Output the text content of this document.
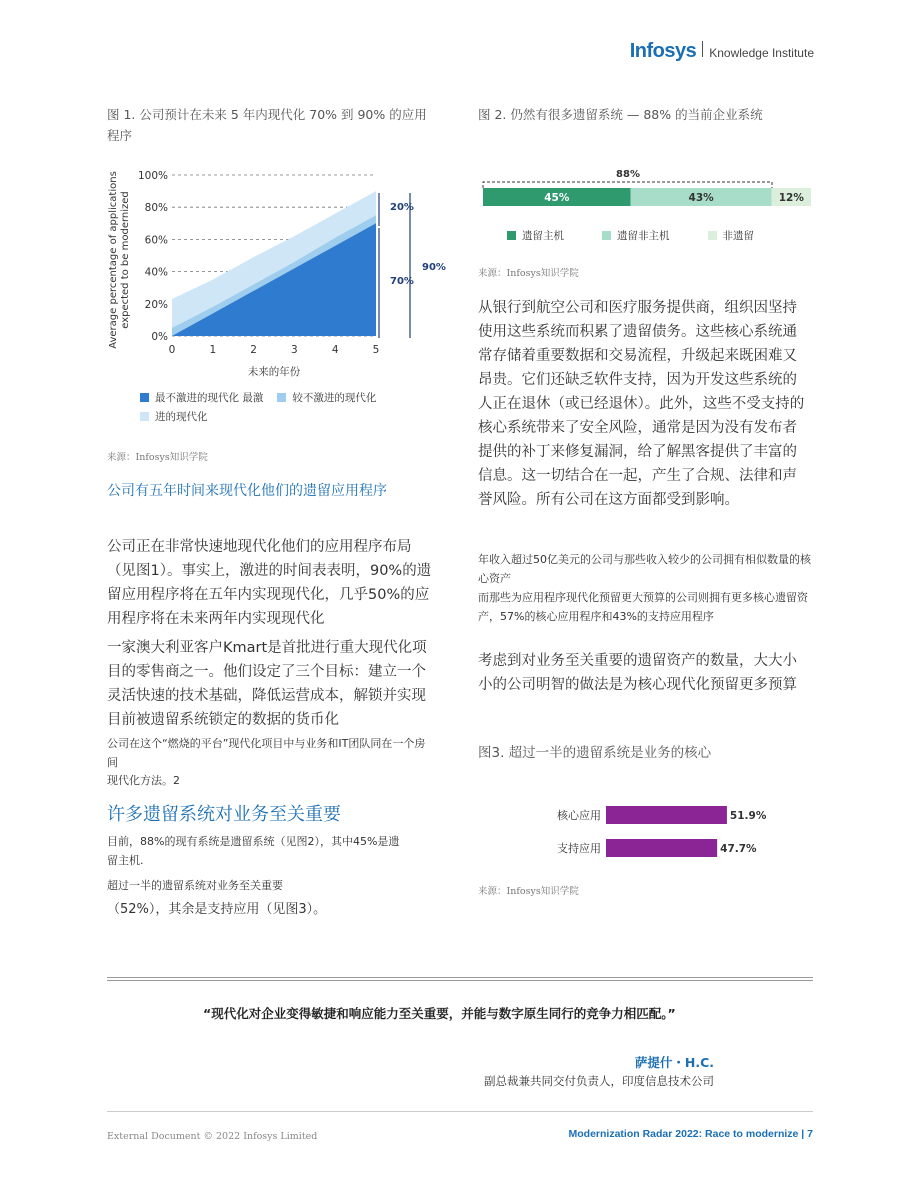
Infosys Knowledge Institute
图 1. 公司预计在未来 5 年内现代化 70% 到 90% 的应用程序
0%
20%
40%
60%
80%
100%
0	1	2	3	4	5
Average percentage of applications expected to be modernized
未来的年份
20%
70%
90%
最不激进的现代化 最激	较不激进的现代化
进的现代化
来源：Infosys知识学院
公司有五年时间来现代化他们的遗留应用程序
公司正在非常快速地现代化他们的应用程序布局（见图1）。事实上，激进的时间表表明，90%的遗留应用程序将在五年内实现现代化，几乎50%的应用程序将在未来两年内实现现代化
一家澳大利亚客户Kmart是首批进行重大现代化项目的零售商之一。他们设定了三个目标：建立一个灵活快速的技术基础，降低运营成本，解锁并实现目前被遗留系统锁定的数据的货币化
公司在这个“燃烧的平台”现代化项目中与业务和IT团队同在一个房间
现代化方法。2
许多遗留系统对业务至关重要
目前，88%的现有系统是遗留系统（见图2），其中45%是遗留主机.
超过一半的遗留系统对业务至关重要
（52%），其余是支持应用（见图3）。
图 2. 仍然有很多遗留系统 — 88% 的当前企业系统
88%
45%	43%	12%
遗留主机	遗留非主机	非遗留
来源：Infosys知识学院
从银行到航空公司和医疗服务提供商，组织因坚持使用这些系统而积累了遗留债务。这些核心系统通常存储着重要数据和交易流程，升级起来既困难又昂贵。它们还缺乏软件支持，因为开发这些系统的人正在退休（或已经退休）。此外，这些不受支持的核心系统带来了安全风险，通常是因为没有发布者提供的补丁来修复漏洞，给了解黑客提供了丰富的信息。这一切结合在一起，产生了合规、法律和声誉风险。所有公司在这方面都受到影响。
年收入超过50亿美元的公司与那些收入较少的公司拥有相似数量的核心资产
而那些为应用程序现代化预留更大预算的公司则拥有更多核心遗留资产，57%的核心应用程序和43%的支持应用程序
考虑到对业务至关重要的遗留资产的数量，大大小小的公司明智的做法是为核心现代化预留更多预算
图3. 超过一半的遗留系统是业务的核心
核心应用	51.9%
支持应用	47.7%
来源：Infosys知识学院
“现代化对企业变得敏捷和响应能力至关重要，并能与数字原生同行的竞争力相匹配。”
萨提什・H.C.
副总裁兼共同交付负责人，印度信息技术公司
External Document © 2022 Infosys Limited	Modernization Radar 2022: Race to modernize | 7
